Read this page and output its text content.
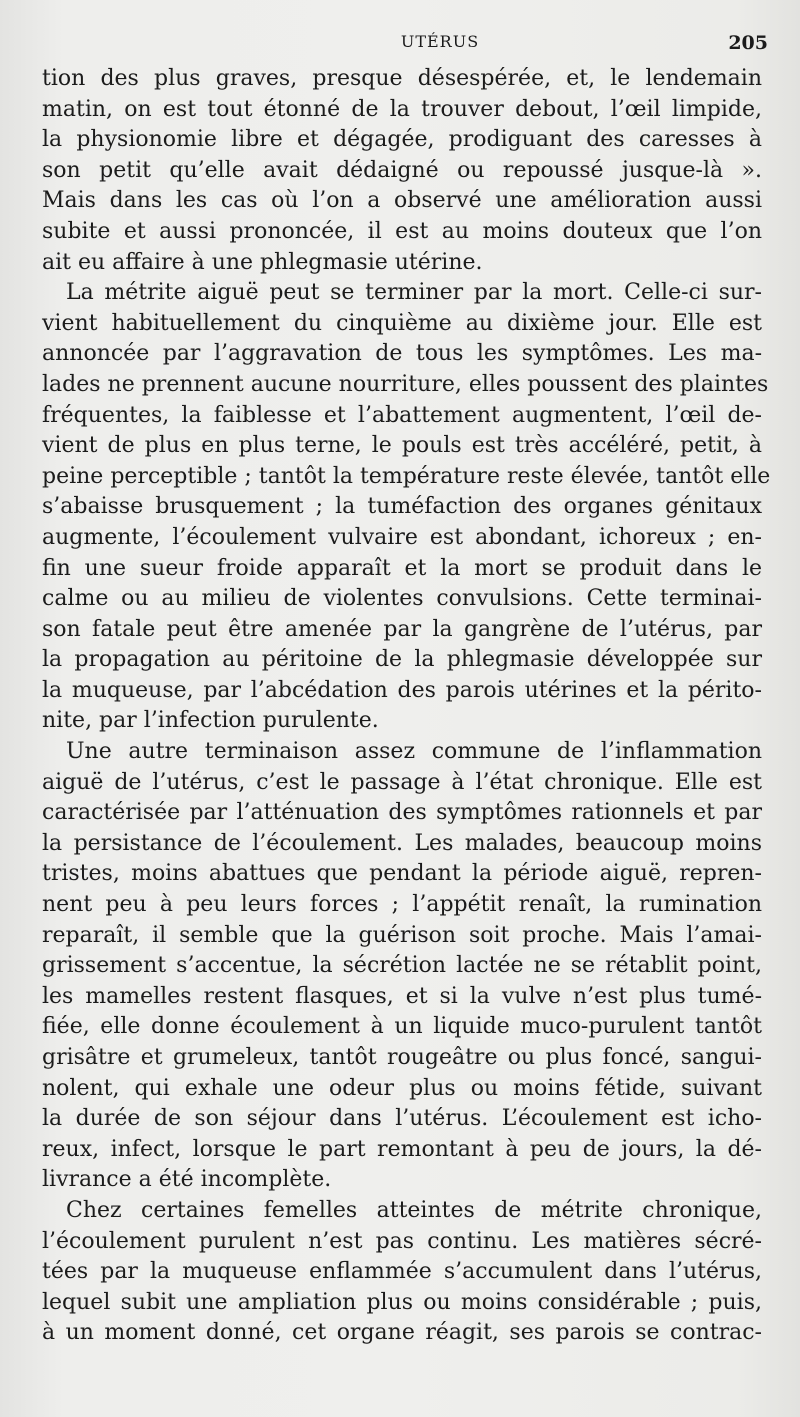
UTÉRUS	205
tion des plus graves, presque désespérée, et, le lendemain
matin, on est tout étonné de la trouver debout, l’œil limpide,
la physionomie libre et dégagée, prodiguant des caresses à
son petit qu’elle avait dédaigné ou repoussé jusque-là ».
Mais dans les cas où l’on a observé une amélioration aussi
subite et aussi prononcée, il est au moins douteux que l’on
ait eu affaire à une phlegmasie utérine.
La métrite aiguë peut se terminer par la mort. Celle-ci sur-
vient habituellement du cinquième au dixième jour. Elle est
annoncée par l’aggravation de tous les symptômes. Les ma-
lades ne prennent aucune nourriture, elles poussent des plaintes
fréquentes, la faiblesse et l’abattement augmentent, l’œil de-
vient de plus en plus terne, le pouls est très accéléré, petit, à
peine perceptible ; tantôt la température reste élevée, tantôt elle
s’abaisse brusquement ; la tuméfaction des organes génitaux
augmente, l’écoulement vulvaire est abondant, ichoreux ; en-
fin une sueur froide apparaît et la mort se produit dans le
calme ou au milieu de violentes convulsions. Cette terminai-
son fatale peut être amenée par la gangrène de l’utérus, par
la propagation au péritoine de la phlegmasie développée sur
la muqueuse, par l’abcédation des parois utérines et la périto-
nite, par l’infection purulente.
Une autre terminaison assez commune de l’inflammation
aiguë de l’utérus, c’est le passage à l’état chronique. Elle est
caractérisée par l’atténuation des symptômes rationnels et par
la persistance de l’écoulement. Les malades, beaucoup moins
tristes, moins abattues que pendant la période aiguë, repren-
nent peu à peu leurs forces ; l’appétit renaît, la rumination
reparaît, il semble que la guérison soit proche. Mais l’amai-
grissement s’accentue, la sécrétion lactée ne se rétablit point,
les mamelles restent flasques, et si la vulve n’est plus tumé-
fiée, elle donne écoulement à un liquide muco-purulent tantôt
grisâtre et grumeleux, tantôt rougeâtre ou plus foncé, sangui-
nolent, qui exhale une odeur plus ou moins fétide, suivant
la durée de son séjour dans l’utérus. L’écoulement est icho-
reux, infect, lorsque le part remontant à peu de jours, la dé-
livrance a été incomplète.
Chez certaines femelles atteintes de métrite chronique,
l’écoulement purulent n’est pas continu. Les matières sécré-
tées par la muqueuse enflammée s’accumulent dans l’utérus,
lequel subit une ampliation plus ou moins considérable ; puis,
à un moment donné, cet organe réagit, ses parois se contrac-
